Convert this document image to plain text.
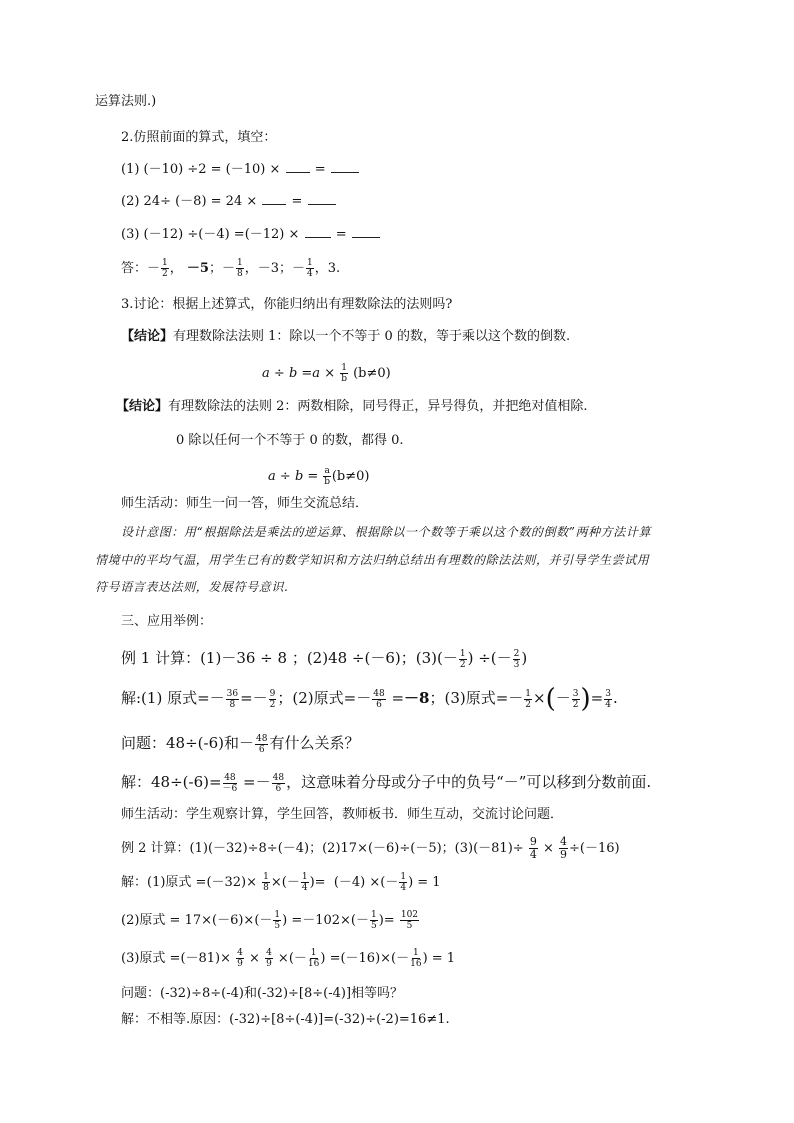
运算法则.)
2.仿照前面的算式，填空：
(1) (－10) ÷2 = (－10) ×	=
(2) 24÷ (－8) = 24 ×	=
(3) (－12) ÷(－4) =(－12) ×	=
答：－ $\frac{1}{2}$ ， －5；－ $\frac{1}{8}$ ，－3；－ $\frac{1}{4}$ ，3.
3.讨论：根据上述算式，你能归纳出有理数除法的法则吗?
【结论】有理数除法法则 1：除以一个不等于 0 的数，等于乘以这个数的倒数.
$a \div b =a \times \frac{1}{b} (b\ne 0)$
【结论】有理数除法的法则 2：两数相除，同号得正，异号得负，并把绝对值相除.
0 除以任何一个不等于 0 的数，都得 0.
$a \div b = \frac{a}{b} (b\ne 0)$
师生活动：师生一问一答，师生交流总结．
设计意图：用“根据除法是乘法的逆运算、根据除以一个数等于乘以这个数的倒数”两种方法计算
情境中的平均气温，用学生已有的数学知识和方法归纳总结出有理数的除法法则，并引导学生尝试用
符号语言表达法则，发展符号意识.
三、应用举例：
例 1 计算：(1)－36 ÷ 8 ；(2)48 ÷(－6)；$(3)(- \frac{1}{2}$ ) ÷(－ $\frac{2}{3}$ )
解:(1) 原式=－ $\frac{36}{8} =- \frac{9}{2}$ ；(2)原式=－ $\frac{48}{6} =-8$；(3)原式=－ $\frac{1}{2}$ ×(－ $\frac{3}{2}$ )= $\frac{3}{4}$ .
问题：48÷(-6)和－ $\frac{48}{6}$ 有什么关系？
解：$48\div(-6)= \frac{48}{-6} =- \frac{48}{6}$ ，这意味着分母或分子中的负号“－”可以移到分数前面.
师生活动：学生观察计算，学生回答，教师板书．师生互动，交流讨论问题．
例 2 计算：(1)(－32)÷8÷(－4)；(2)17×(－6)÷(－5)；$(3)(-81)\div \frac{9}{4} \times \frac{4}{9} \div(-16)$
解：(1)原式 $=(-32)\times \frac{1}{8}$ ×(－ $\frac{1}{4}$ )=  (－4) ×(－ $\frac{1}{4}$ ) = 1
(2)原式 = $17\times(-6)\times(- \frac{1}{5}$ ) $=-102\times(- \frac{1}{5}$ )= $\frac{102}{5}$
(3)原式 $=(-81)\times \frac{4}{9} \times \frac{4}{9}$ ×(－ $\frac{1}{16}$ ) $=(-16)\times(- \frac{1}{16}$ ) = 1
问题：(-32)÷8÷(-4)和(-32)÷[8÷(-4)]相等吗？
解：不相等.原因：(-32)÷[8÷(-4)]=(-32)÷(-2)=16≠1.
